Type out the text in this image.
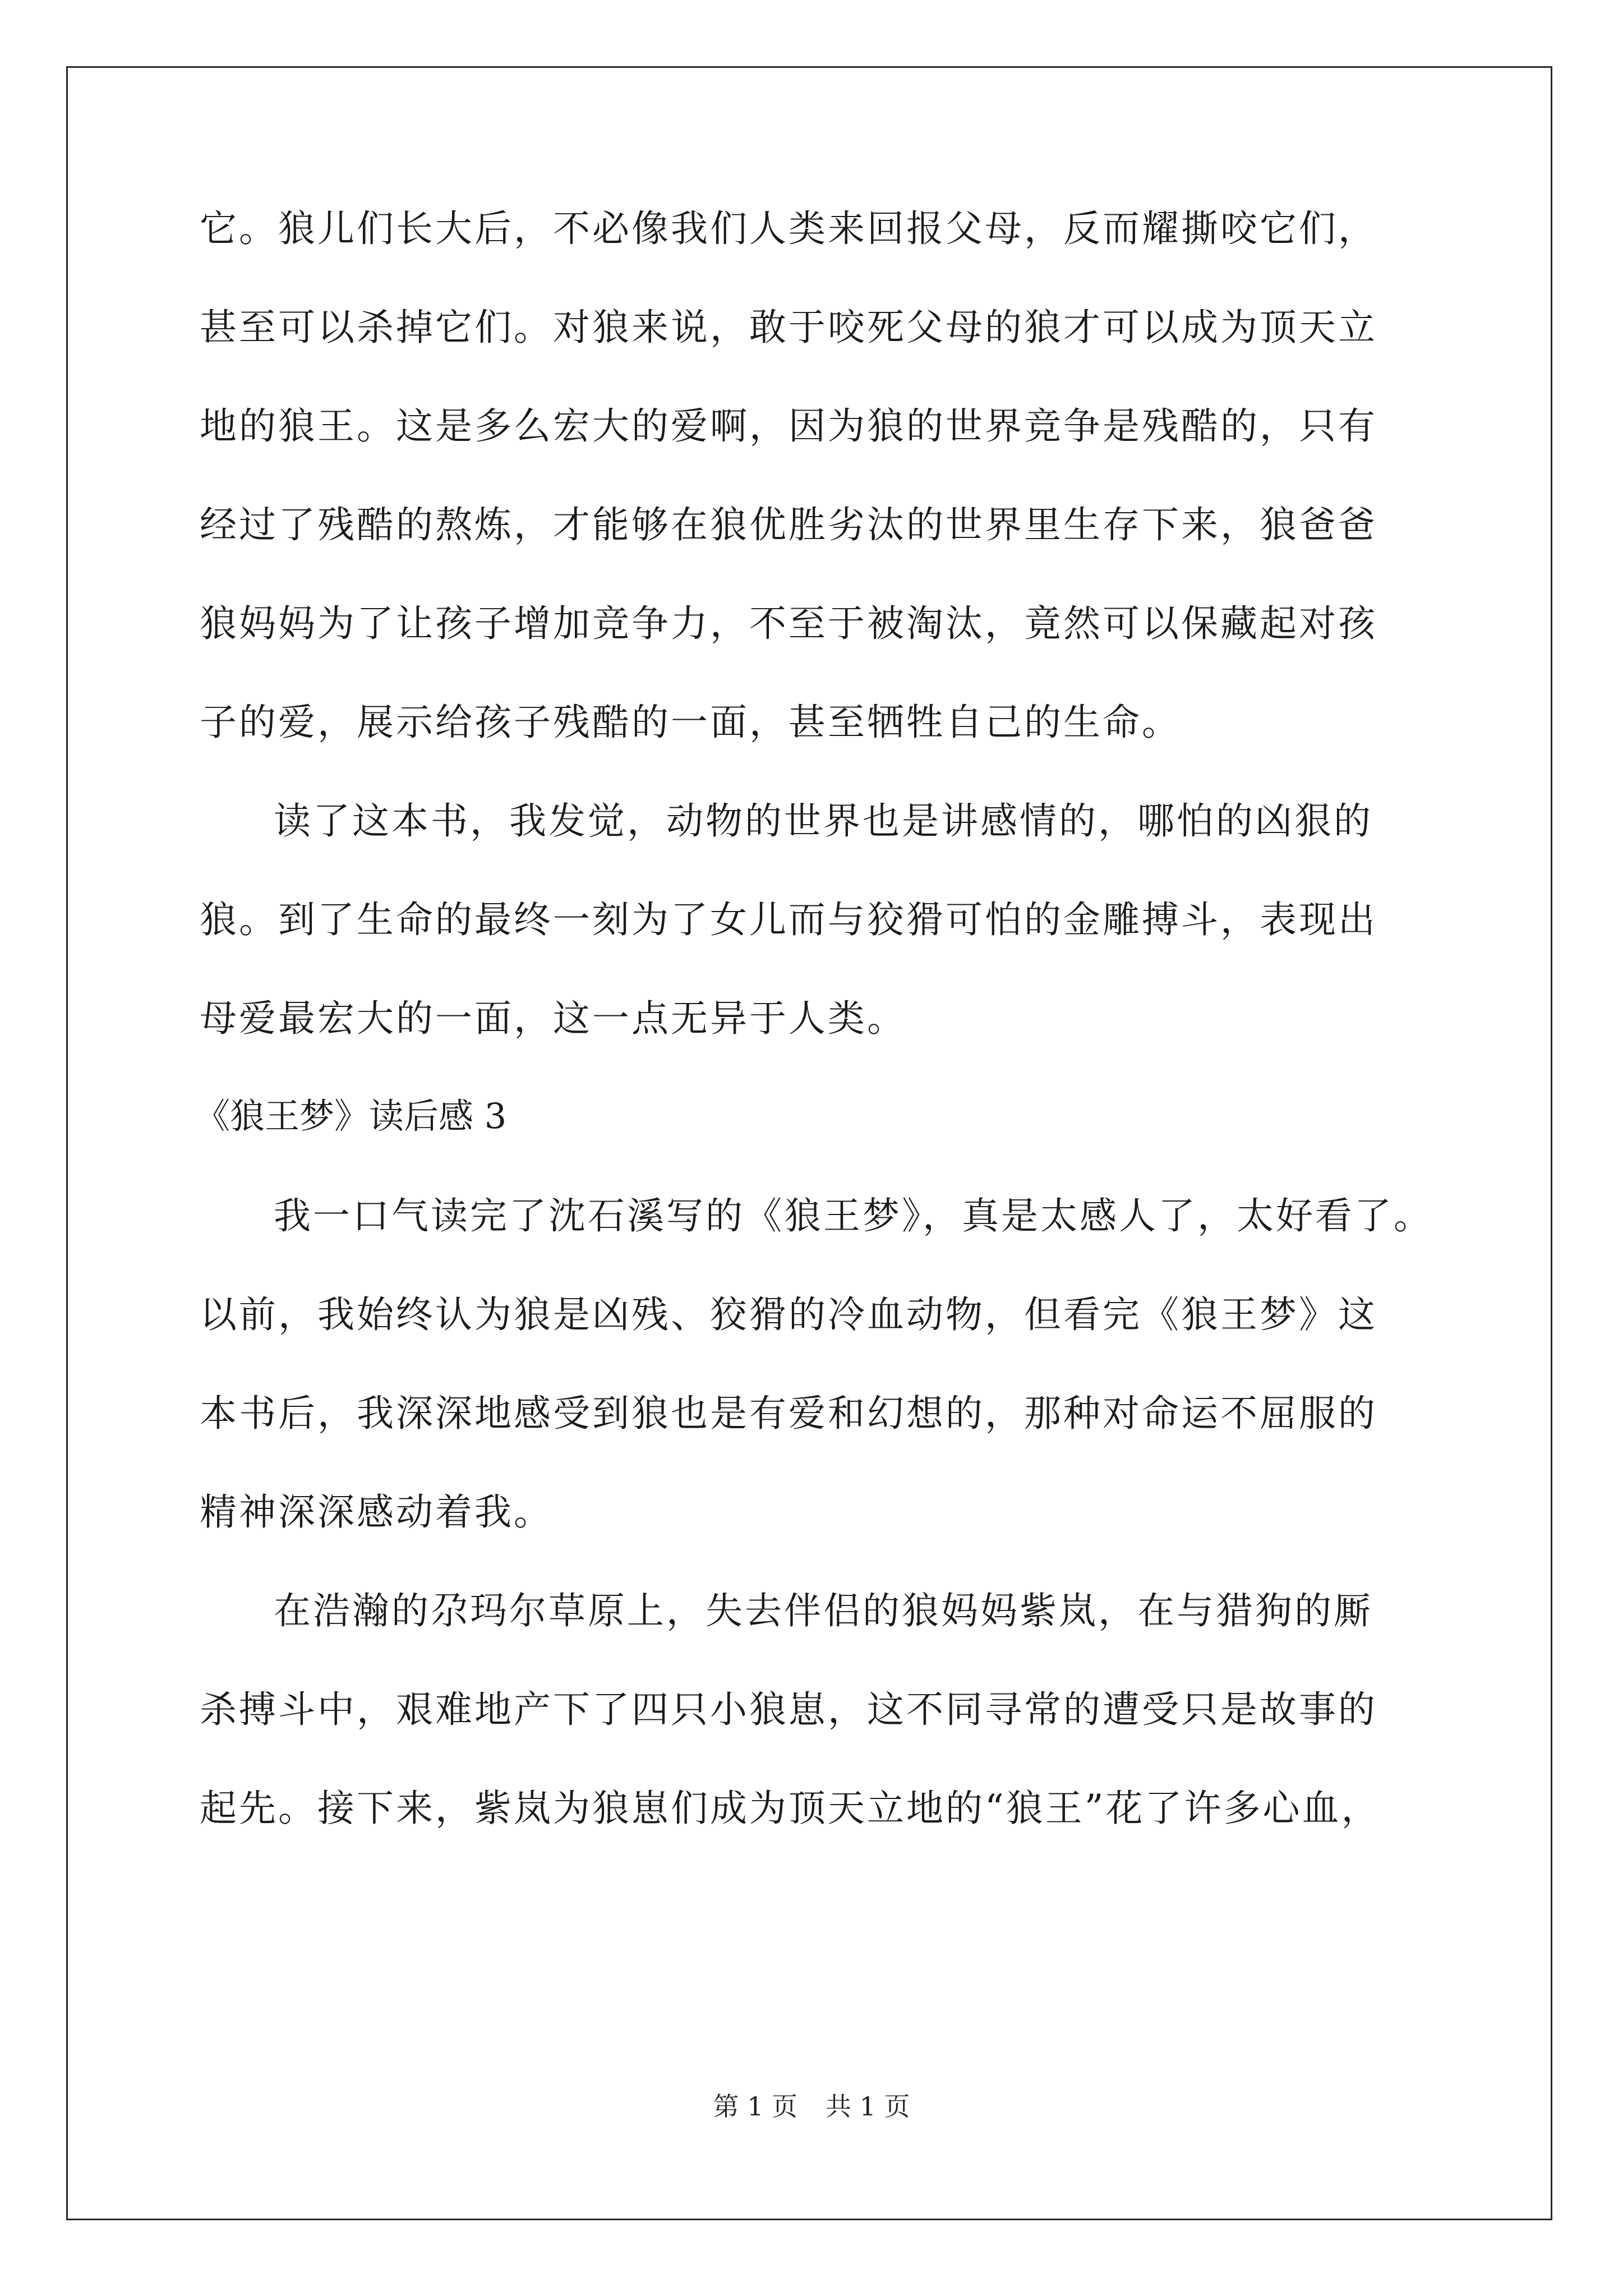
它。狼儿们长大后，不必像我们人类来回报父母，反而耀撕咬它们，
甚至可以杀掉它们。对狼来说，敢于咬死父母的狼才可以成为顶天立
地的狼王。这是多么宏大的爱啊，因为狼的世界竞争是残酷的，只有
经过了残酷的熬炼，才能够在狼优胜劣汰的世界里生存下来，狼爸爸
狼妈妈为了让孩子增加竞争力，不至于被淘汰，竟然可以保藏起对孩
子的爱，展示给孩子残酷的一面，甚至牺牲自己的生命。
读了这本书，我发觉，动物的世界也是讲感情的，哪怕的凶狠的
狼。到了生命的最终一刻为了女儿而与狡猾可怕的金雕搏斗，表现出
母爱最宏大的一面，这一点无异于人类。
《狼王梦》读后感 3
我一口气读完了沈石溪写的《狼王梦》，真是太感人了，太好看了。
以前，我始终认为狼是凶残、狡猾的冷血动物，但看完《狼王梦》这
本书后，我深深地感受到狼也是有爱和幻想的，那种对命运不屈服的
精神深深感动着我。
在浩瀚的尕玛尔草原上，失去伴侣的狼妈妈紫岚，在与猎狗的厮
杀搏斗中，艰难地产下了四只小狼崽，这不同寻常的遭受只是故事的
起先。接下来，紫岚为狼崽们成为顶天立地的“狼王”花了许多心血，
第 1 页 共 1 页
